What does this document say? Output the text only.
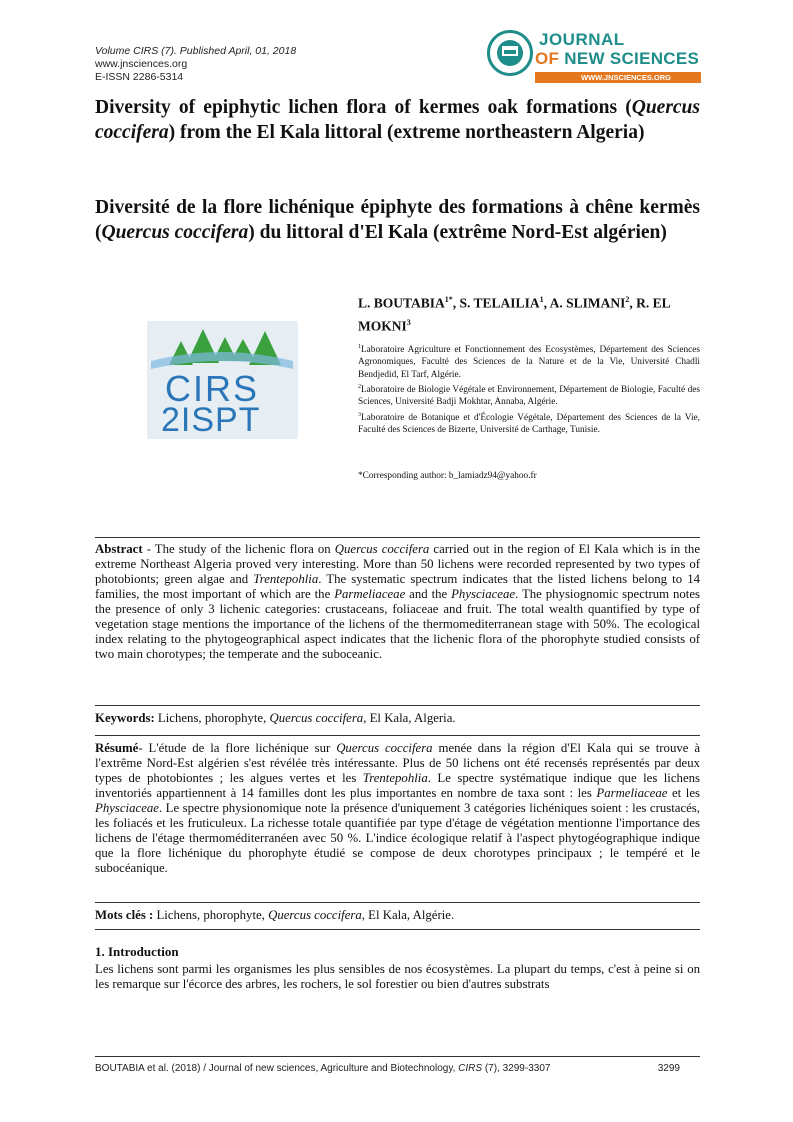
Volume CIRS (7). Published April, 01, 2018
www.jnsciences.org
E-ISSN 2286-5314
JOURNAL
OF NEW SCIENCES
WWW.JNSCIENCES.ORG
Diversity of epiphytic lichen flora of kermes oak formations (Quercus coccifera) from the El Kala littoral (extreme northeastern Algeria)
Diversité de la flore lichénique épiphyte des formations à chêne kermès (Quercus coccifera) du littoral d'El Kala (extrême Nord-Est algérien)
CIRS
2ISPT
L. $BOUTABIA^{1*}$, S. TELAILIA$^1$, A. SLIMANI$^2$, R. EL MOKNI$^3$
$^1$Laboratoire Agriculture et Fonctionnement des Ecosystèmes, Département des Sciences Agronomiques, Faculté des Sciences de la Nature et de la Vie, Université Chadli Bendjedid, El Tarf, Algérie.
$^2$Laboratoire de Biologie Végétale et Environnement, Département de Biologie, Faculté des Sciences, Université Badji Mokhtar, Annaba, Algérie.
$^3$Laboratoire de Botanique et d'Écologie Végétale, Département des Sciences de la Vie, Faculté des Sciences de Bizerte, Université de Carthage, Tunisie.
*Corresponding author: b_lamiadz94@yahoo.fr
Abstract - The study of the lichenic flora on Quercus coccifera carried out in the region of El Kala which is in the extreme Northeast Algeria proved very interesting. More than 50 lichens were recorded represented by two types of photobionts; green algae and Trentepohlia. The systematic spectrum indicates that the listed lichens belong to 14 families, the most important of which are the Parmeliaceae and the Physciaceae. The physiognomic spectrum notes the presence of only 3 lichenic categories: crustaceans, foliaceae and fruit. The total wealth quantified by type of vegetation stage mentions the importance of the lichens of the thermomediterranean stage with 50%. The ecological index relating to the phytogeographical aspect indicates that the lichenic flora of the phorophyte studied consists of two main chorotypes; the temperate and the suboceanic.
Keywords: Lichens, phorophyte, Quercus coccifera, El Kala, Algeria.
Résumé- L'étude de la flore lichénique sur Quercus coccifera menée dans la région d'El Kala qui se trouve à l'extrême Nord-Est algérien s'est révélée très intéressante. Plus de 50 lichens ont été recensés représentés par deux types de photobiontes ; les algues vertes et les Trentepohlia. Le spectre systématique indique que les lichens inventoriés appartiennent à 14 familles dont les plus importantes en nombre de taxa sont : les Parmeliaceae et les Physciaceae. Le spectre physionomique note la présence d'uniquement 3 catégories lichéniques soient : les crustacés, les foliacés et les fruticuleux. La richesse totale quantifiée par type d'étage de végétation mentionne l'importance des lichens de l'étage thermoméditerranéen avec 50 %. L'indice écologique relatif à l'aspect phytogéographique indique que la flore lichénique du phorophyte étudié se compose de deux chorotypes principaux ; le tempéré et le subocéanique.
Mots clés : Lichens, phorophyte, Quercus coccifera, El Kala, Algérie.
1. Introduction
Les lichens sont parmi les organismes les plus sensibles de nos écosystèmes. La plupart du temps, c'est à peine si on les remarque sur l'écorce des arbres, les rochers, le sol forestier ou bien d'autres substrats
BOUTABIA et al. (2018) / Journal of new sciences, Agriculture and Biotechnology, CIRS (7), 3299-3307	3299
